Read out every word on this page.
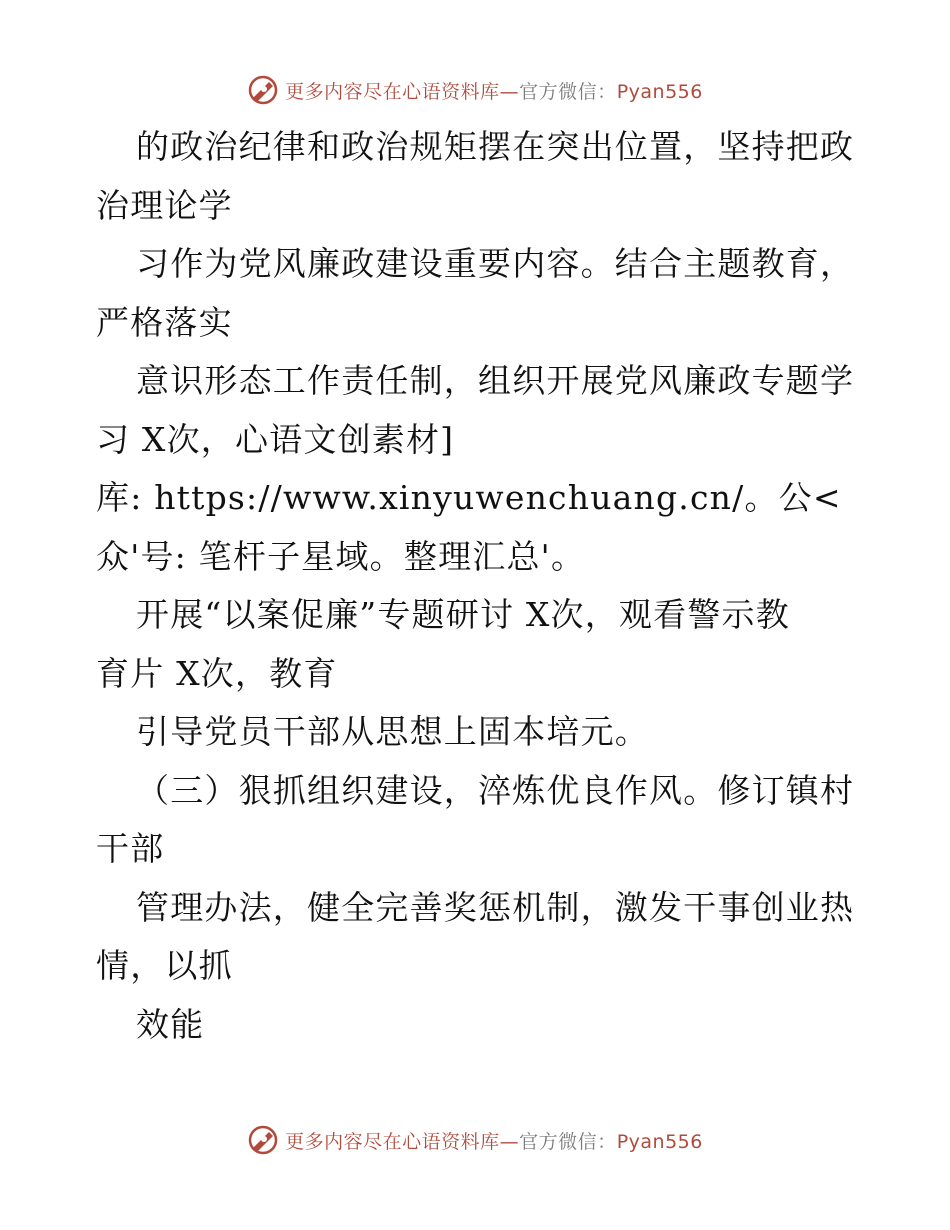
更多内容尽在心语资料库—官方微信：Pyan556
的政治纪律和政治规矩摆在突出位置，坚持把政
治理论学
习作为党风廉政建设重要内容。结合主题教育，
严格落实
意识形态工作责任制，组织开展党风廉政专题学
习 X次，心语文创素材]
库: https://www.xinyuwenchuang.cn/。公<
众'号: 笔杆子星域。整理汇总'。
开展“以案促廉”专题研讨 X次，观看警示教
育片 X次，教育
引导党员干部从思想上固本培元。
（三）狠抓组织建设，淬炼优良作风。修订镇村
干部
管理办法，健全完善奖惩机制，激发干事创业热
情，以抓
效能
更多内容尽在心语资料库—官方微信：Pyan556
